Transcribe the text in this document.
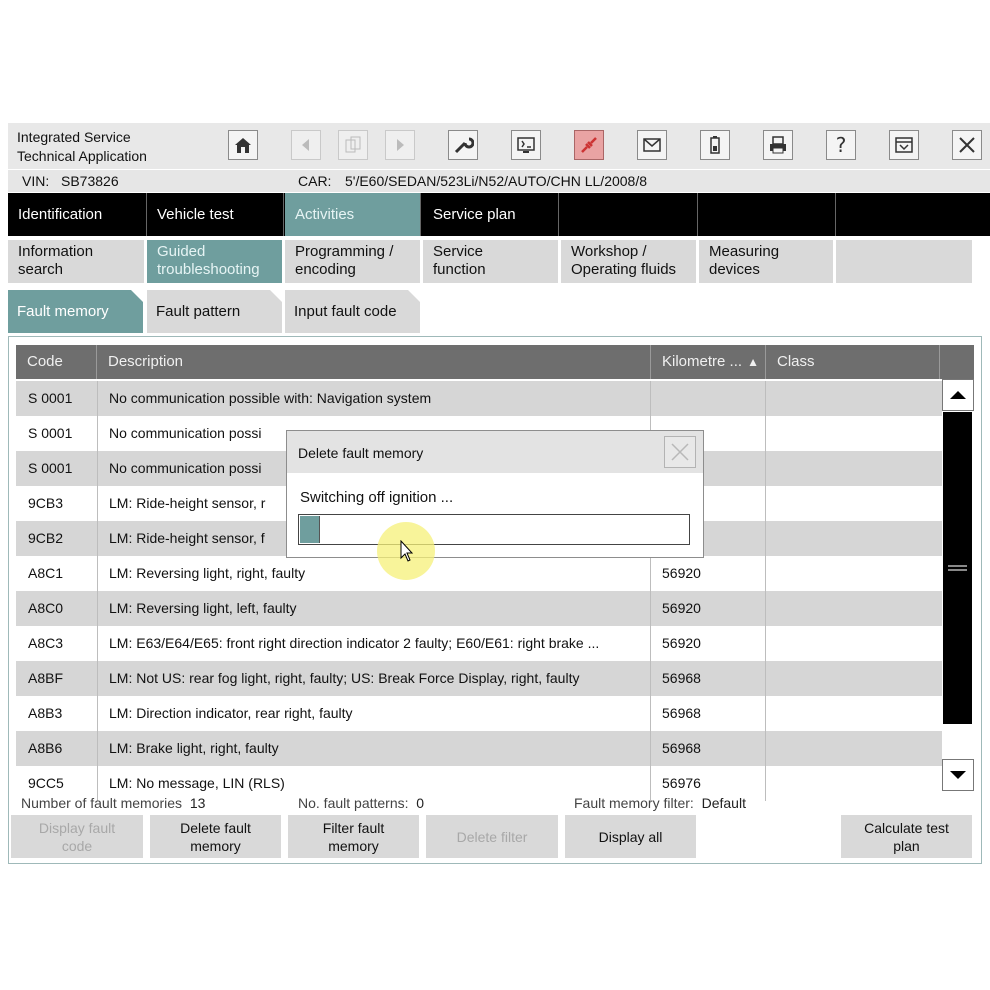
Integrated Service
Technical Application	?
VIN: SB73826	CAR: 5'/E60/SEDAN/523Li/N52/AUTO/CHN LL/2008/8
Identification	Vehicle test	Activities	Service plan
Information
search
Guided
troubleshooting
Programming /
encoding
Service
function
Workshop /
Operating fluids
Measuring
devices
Fault memory	Fault pattern	Input fault code
Code	Description	Kilometre ... ▲	Class
S 0001	No communication possible with: Navigation system
S 0001	No communication possi
S 0001	No communication possi
9CB3	LM: Ride-height sensor, r
9CB2	LM: Ride-height sensor, f
A8C1	LM: Reversing light, right, faulty	56920
A8C0	LM: Reversing light, left, faulty	56920
A8C3	LM: E63/E64/E65: front right direction indicator 2 faulty; E60/E61: right brake ...	56920
A8BF	LM: Not US: rear fog light, right, faulty; US: Break Force Display, right, faulty	56968
A8B3	LM: Direction indicator, rear right, faulty	56968
A8B6	LM: Brake light, right, faulty	56968
9CC5	LM: No message, LIN (RLS)	56976
Number of fault memories 13	No. fault patterns: 0	Fault memory filter: Default
Display fault
code
Delete fault
memory
Filter fault
memory
Delete filter	Display all
Calculate test
plan
Delete fault memory
Switching off ignition ...
